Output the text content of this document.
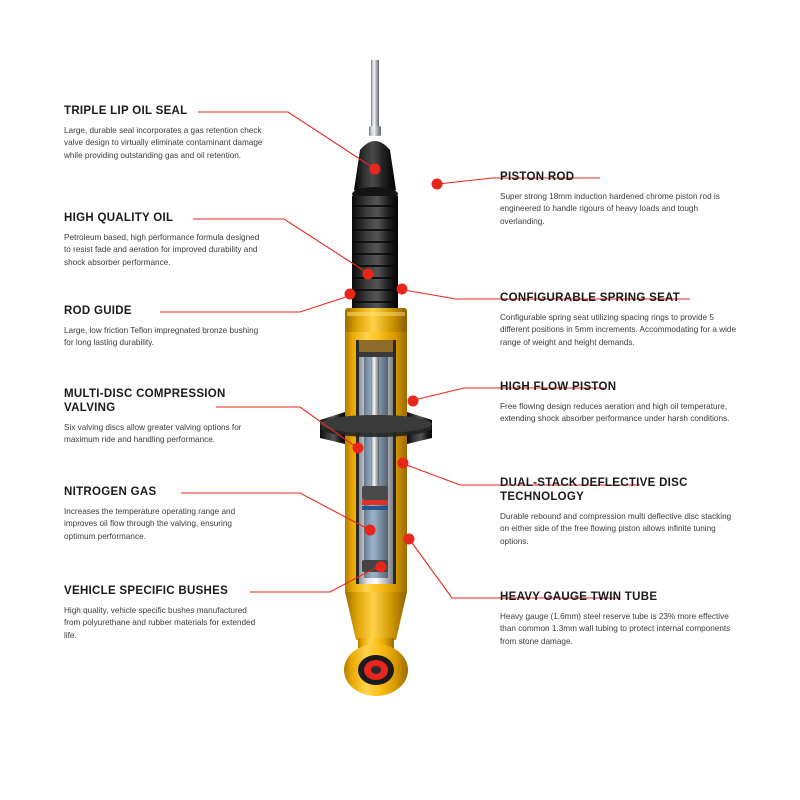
TRIPLE LIP OIL SEAL

Large, durable seal incorporates a gas retention check valve design to virtually eliminate contaminant damage while providing outstanding gas and oil retention.

HIGH QUALITY OIL

Petroleum based, high performance formula designed to resist fade and aeration for improved durability and shock absorber performance.

ROD GUIDE

Large, low friction Teflon impregnated bronze bushing for long lasting durability.

MULTI-DISC COMPRESSION VALVING

Six valving discs allow greater valving options for maximum ride and handling performance.

NITROGEN GAS

Increases the temperature operating range and improves oil flow through the valving, ensuring optimum performance.

VEHICLE SPECIFIC BUSHES

High quality, vehicle specific bushes manufactured from polyurethane and rubber materials for extended life.

PISTON ROD

Super strong 18mm induction hardened chrome piston rod is engineered to handle rigours of heavy loads and tough overlanding.

CONFIGURABLE SPRING SEAT

Configurable spring seat utilizing spacing rings to provide 5 different positions in 5mm increments. Accommodating for a wide range of weight and height demands.

HIGH FLOW PISTON

Free flowing design reduces aeration and high oil temperature, extending shock absorber performance under harsh conditions.

DUAL-STACK DEFLECTIVE DISC TECHNOLOGY

Durable rebound and compression multi deflective disc stacking on either side of the free flowing piston allows infinite tuning options.

HEAVY GAUGE TWIN TUBE

Heavy gauge (1.6mm) steel reserve tube is 23% more effective than common 1.3mm wall tubing to protect internal components from stone damage.
